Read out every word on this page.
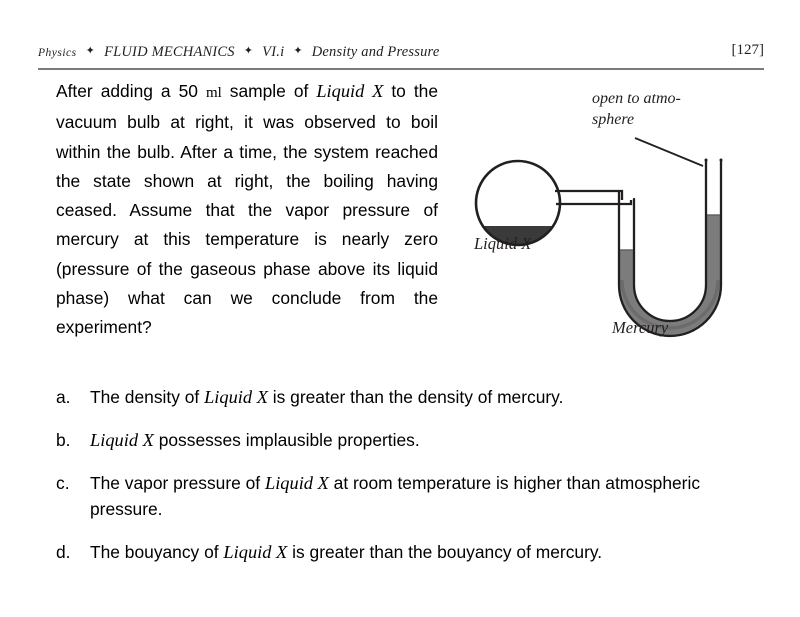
Physics ✦ FLUID MECHANICS ✦ VI.i ✦ Density and Pressure	[127]
After adding a 50 ml sample of Liquid X to the vacuum bulb at right, it was observed to boil within the bulb. After a time, the system reached the state shown at right, the boiling having ceased. Assume that the vapor pressure of mercury at this temperature is nearly zero (pressure of the gaseous phase above its liquid phase) what can we conclude from the experiment?
open to atmo-sphere
Liquid X
Mercury
a. The density of Liquid X is greater than the density of mercury.
b. Liquid X possesses implausible properties.
c. The vapor pressure of Liquid X at room temperature is higher than atmospheric pressure.
d. The bouyancy of Liquid X is greater than the bouyancy of mercury.
